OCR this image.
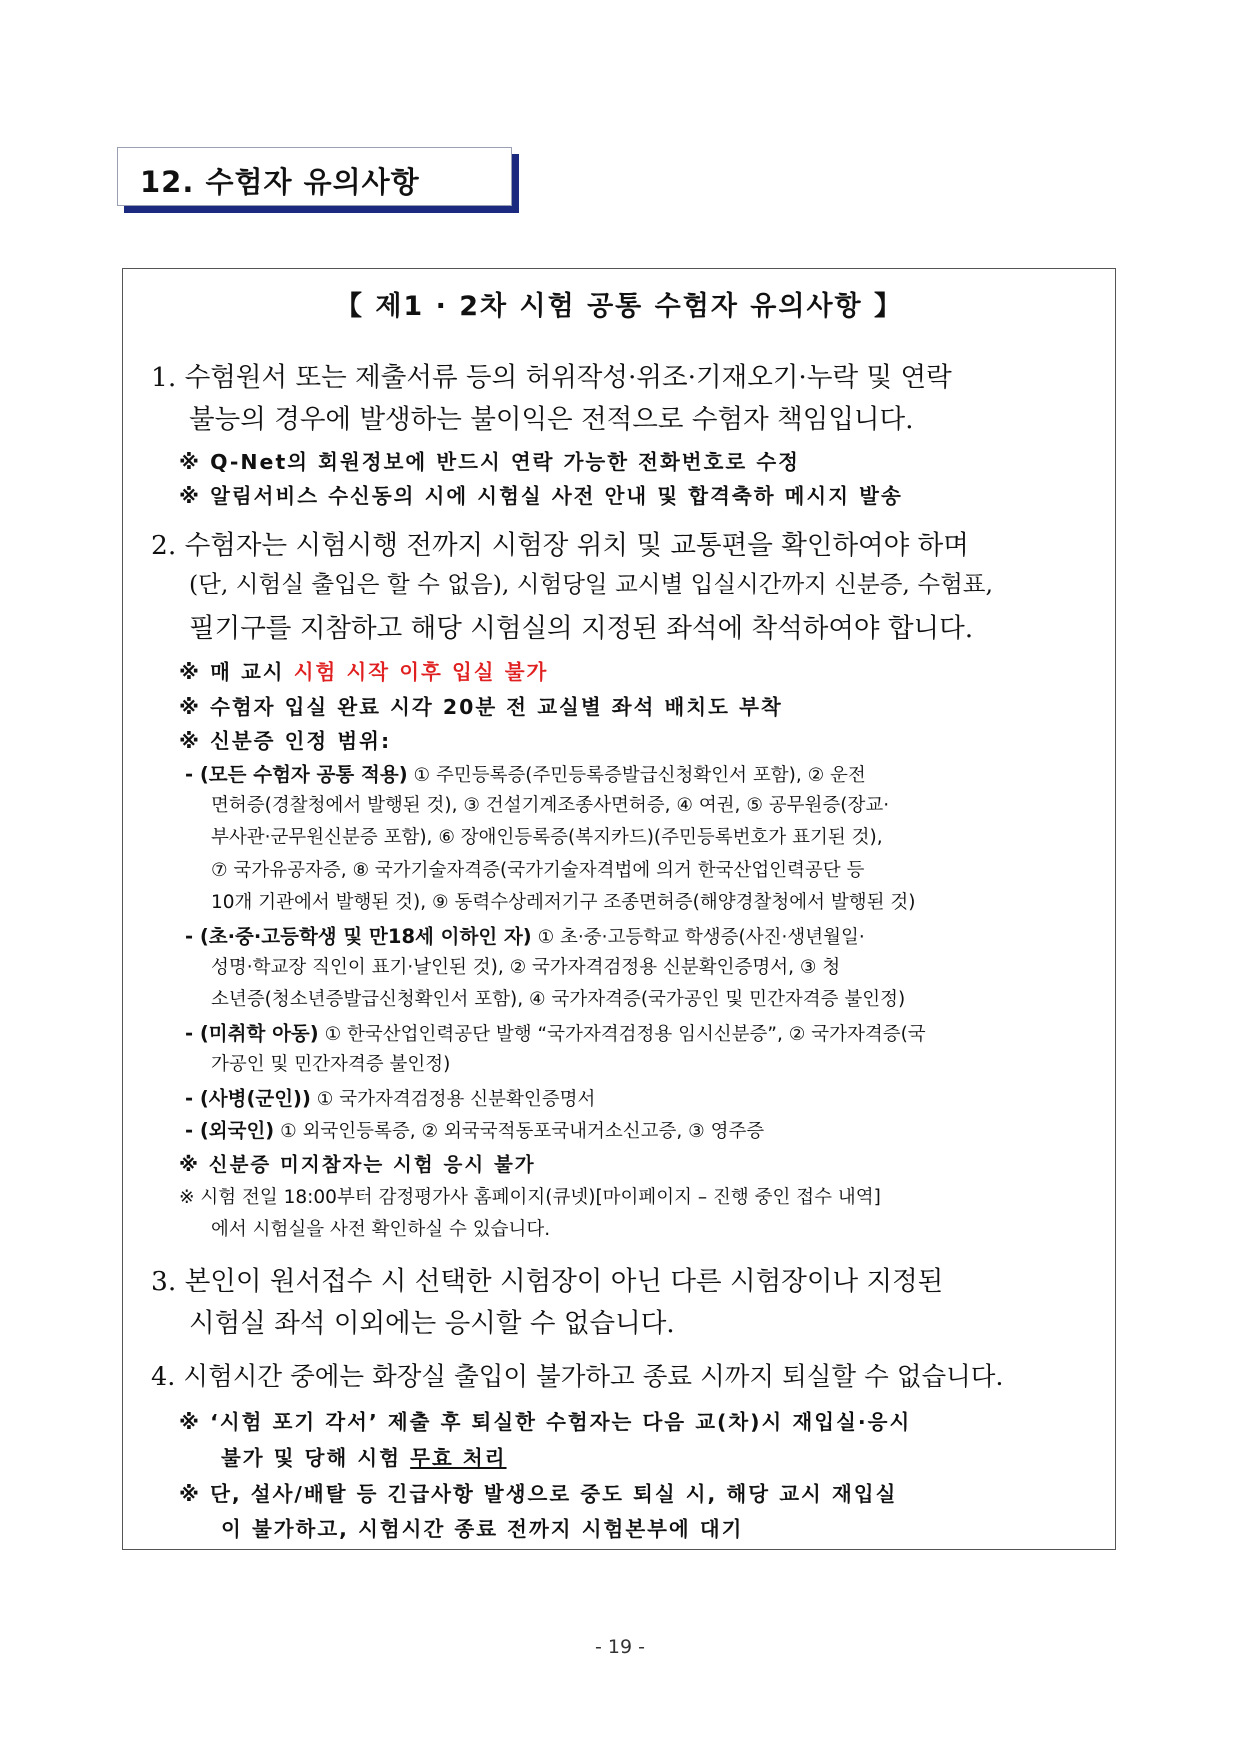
12. 수험자 유의사항
【 제1 · 2차 시험 공통 수험자 유의사항 】
1. 수험원서 또는 제출서류 등의 허위작성·위조·기재오기·누락 및 연락
불능의 경우에 발생하는 불이익은 전적으로 수험자 책임입니다.
※ Q-Net의 회원정보에 반드시 연락 가능한 전화번호로 수정
※ 알림서비스 수신동의 시에 시험실 사전 안내 및 합격축하 메시지 발송
2. 수험자는 시험시행 전까지 시험장 위치 및 교통편을 확인하여야 하며
(단, 시험실 출입은 할 수 없음), 시험당일 교시별 입실시간까지 신분증, 수험표,
필기구를 지참하고 해당 시험실의 지정된 좌석에 착석하여야 합니다.
※ 매 교시 시험 시작 이후 입실 불가
※ 수험자 입실 완료 시각 20분 전 교실별 좌석 배치도 부착
※ 신분증 인정 범위:
- (모든 수험자 공통 적용) ① 주민등록증(주민등록증발급신청확인서 포함), ② 운전
면허증(경찰청에서 발행된 것), ③ 건설기계조종사면허증, ④ 여권, ⑤ 공무원증(장교·
부사관·군무원신분증 포함), ⑥ 장애인등록증(복지카드)(주민등록번호가 표기된 것),
⑦ 국가유공자증, ⑧ 국가기술자격증(국가기술자격법에 의거 한국산업인력공단 등
10개 기관에서 발행된 것), ⑨ 동력수상레저기구 조종면허증(해양경찰청에서 발행된 것)
- (초·중·고등학생 및 만18세 이하인 자) ① 초·중·고등학교 학생증(사진·생년월일·
성명·학교장 직인이 표기·날인된 것), ② 국가자격검정용 신분확인증명서, ③ 청
소년증(청소년증발급신청확인서 포함), ④ 국가자격증(국가공인 및 민간자격증 불인정)
- (미취학 아동) ① 한국산업인력공단 발행 “국가자격검정용 임시신분증”, ② 국가자격증(국
가공인 및 민간자격증 불인정)
- (사병(군인)) ① 국가자격검정용 신분확인증명서
- (외국인) ① 외국인등록증, ② 외국국적동포국내거소신고증, ③ 영주증
※ 신분증 미지참자는 시험 응시 불가
※ 시험 전일 18:00부터 감정평가사 홈페이지(큐넷)[마이페이지 – 진행 중인 접수 내역]
에서 시험실을 사전 확인하실 수 있습니다.
3. 본인이 원서접수 시 선택한 시험장이 아닌 다른 시험장이나 지정된
시험실 좌석 이외에는 응시할 수 없습니다.
4. 시험시간 중에는 화장실 출입이 불가하고 종료 시까지 퇴실할 수 없습니다.
※ ‘시험 포기 각서’ 제출 후 퇴실한 수험자는 다음 교(차)시 재입실·응시
불가 및 당해 시험 무효 처리
※ 단, 설사/배탈 등 긴급사항 발생으로 중도 퇴실 시, 해당 교시 재입실
이 불가하고, 시험시간 종료 전까지 시험본부에 대기
- 19 -
